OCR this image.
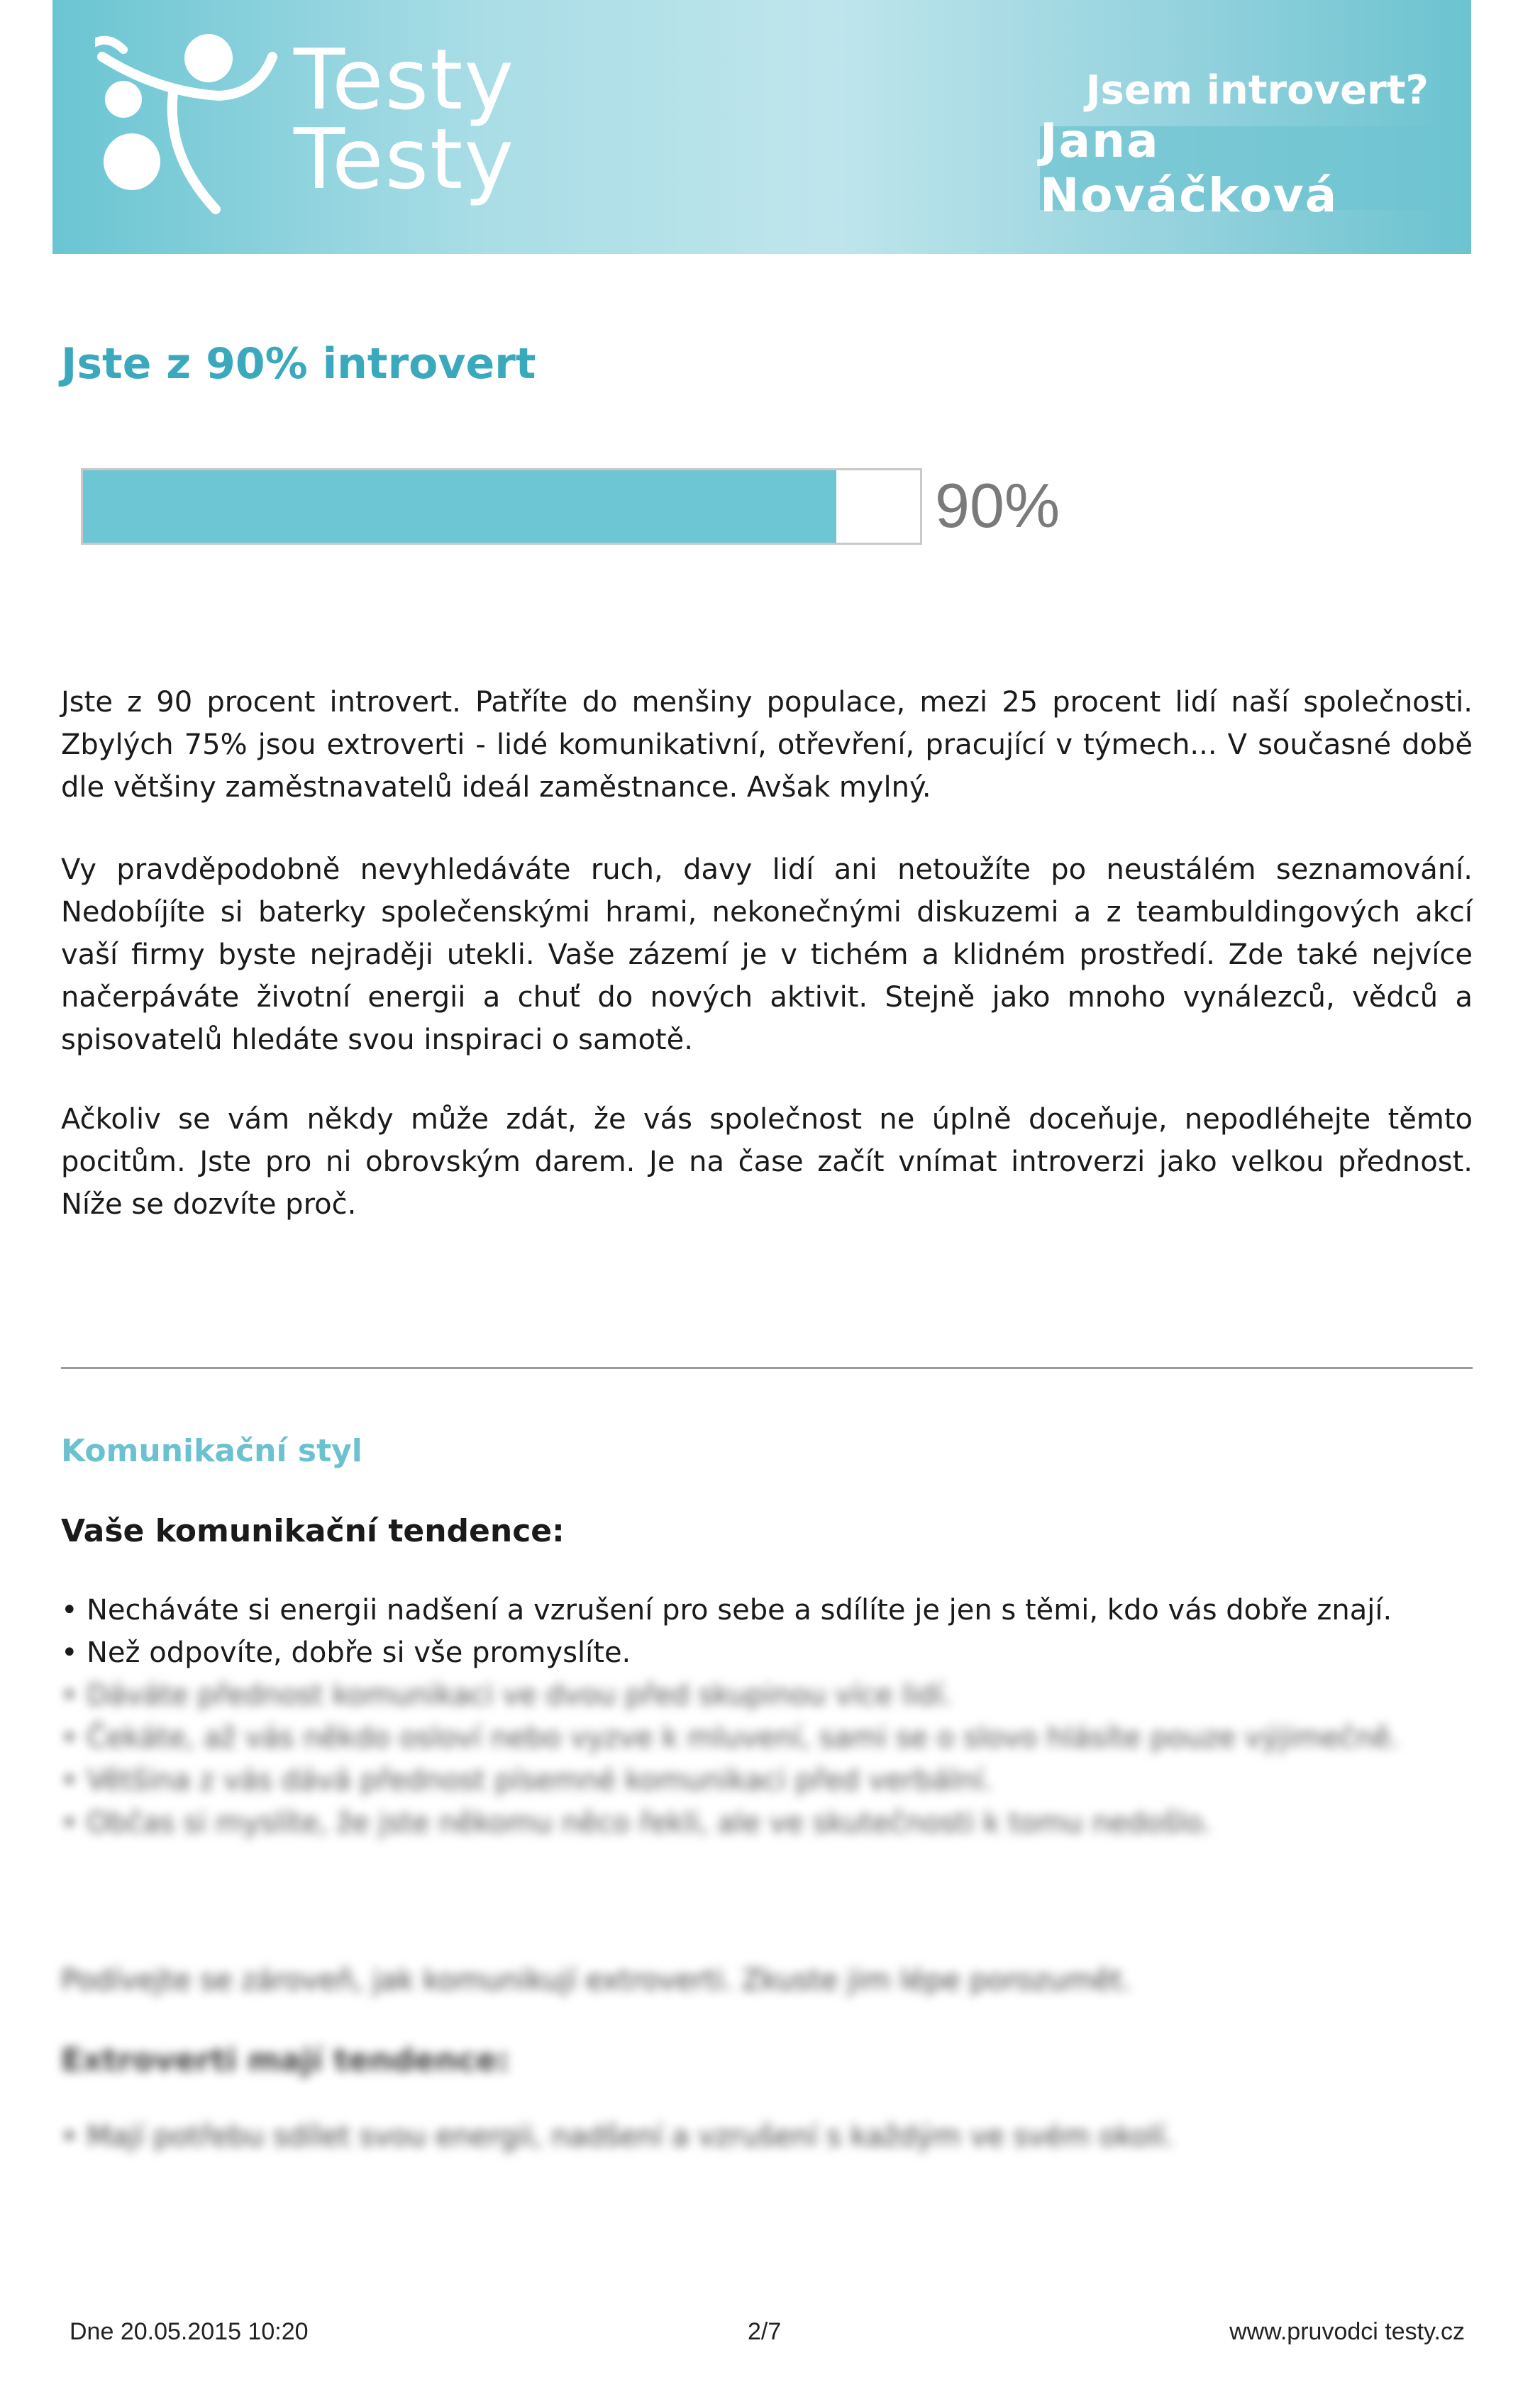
Testy
Testy
Jsem introvert?
Jana Nováčková
Jste z 90% introvert
90%

Jste z 90 procent introvert. Patříte do menšiny populace, mezi 25 procent lidí naší společnosti. Zbylých 75% jsou extroverti - lidé komunikativní, otřevření, pracující v týmech... V současné době dle většiny zaměstnavatelů ideál zaměstnance. Avšak mylný.

Vy pravděpodobně nevyhledáváte ruch, davy lidí ani netoužíte po neustálém seznamování. Nedobíjíte si baterky společenskými hrami, nekonečnými diskuzemi a z teambuldingových akcí vaší firmy byste nejraději utekli. Vaše zázemí je v tichém a klidném prostředí. Zde také nejvíce načerpáváte životní energii a chuť do nových aktivit. Stejně jako mnoho vynálezců, vědců a spisovatelů hledáte svou inspiraci o samotě.

Ačkoliv se vám někdy může zdát, že vás společnost ne úplně doceňuje, nepodléhejte těmto pocitům. Jste pro ni obrovským darem. Je na čase začít vnímat introverzi jako velkou přednost. Níže se dozvíte proč.

Komunikační styl
Vaše komunikační tendence:
• Necháváte si energii nadšení a vzrušení pro sebe a sdílíte je jen s těmi, kdo vás dobře znají.
• Než odpovíte, dobře si vše promyslíte.
• Dáváte přednost komunikaci ve dvou před skupinou více lidí.
• Čekáte, až vás někdo osloví nebo vyzve k mluvení, sami se o slovo hlásíte pouze výjimečně.
• Většina z vás dává přednost písemné komunikaci před verbální.
• Občas si myslíte, že jste někomu něco řekli, ale ve skutečnosti k tomu nedošlo.
Podívejte se zároveň, jak komunikují extroverti. Zkuste jim lépe porozumět.
Extroverti mají tendence:
• Mají potřebu sdílet svou energii, nadšení a vzrušení s každým ve svém okolí.
Dne 20.05.2015 10:20	2/7	www.pruvodci testy.cz
